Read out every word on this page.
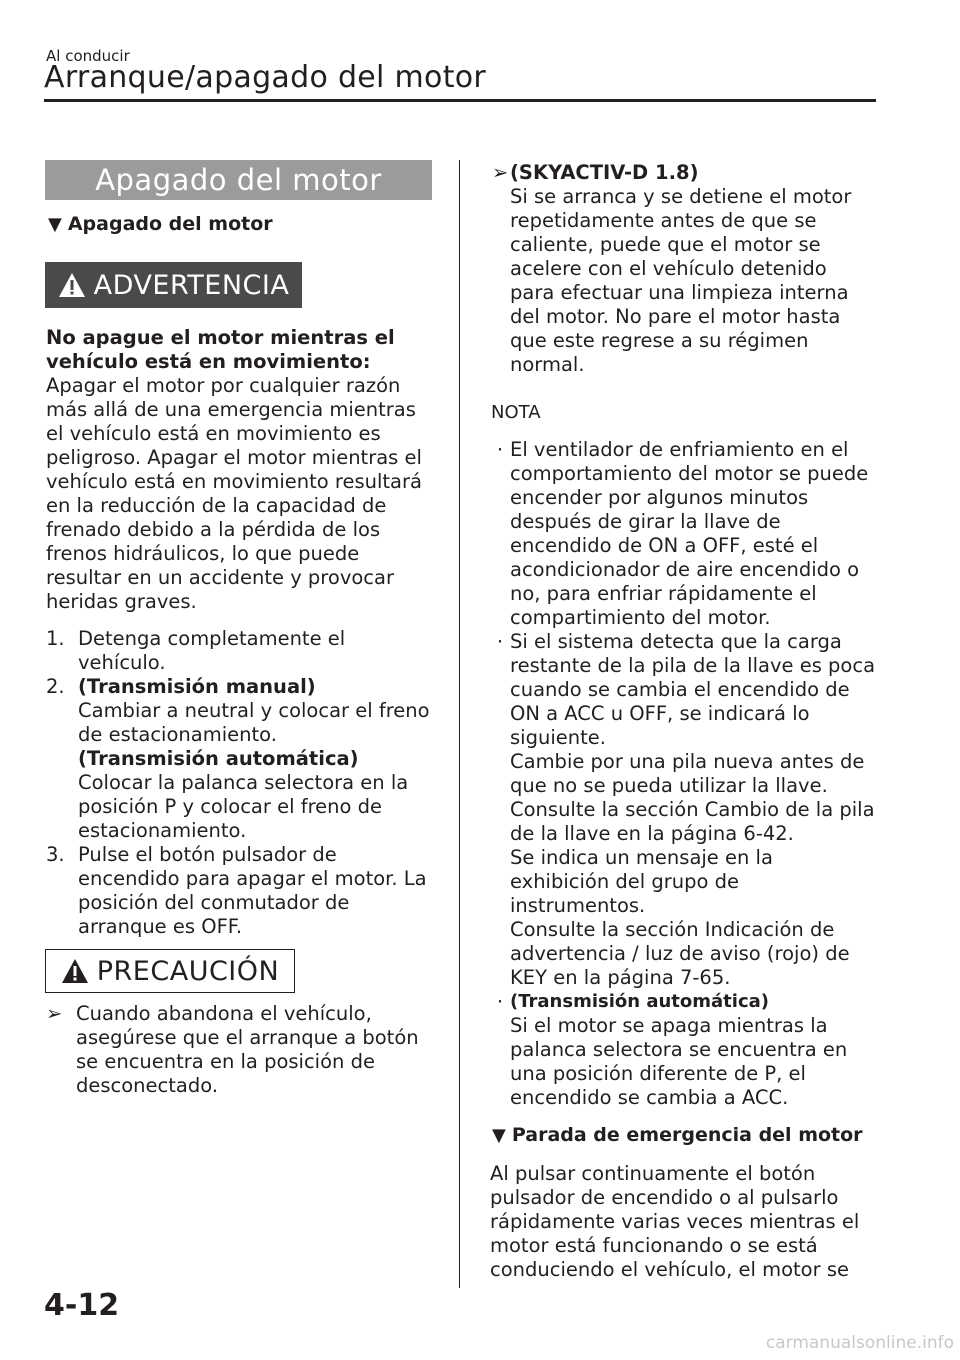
Al conducir
Arranque/apagado del motor
Apagado del motor
▼ Apagado del motor
ADVERTENCIA

No apague el motor mientras el vehículo está en movimiento:

Apagar el motor por cualquier razón más allá de una emergencia mientras el vehículo está en movimiento es peligroso. Apagar el motor mientras el vehículo está en movimiento resultará en la reducción de la capacidad de frenado debido a la pérdida de los frenos hidráulicos, lo que puede resultar en un accidente y provocar heridas graves.

1. Detenga completamente el vehículo.

2. (Transmisión manual)

Cambiar a neutral y colocar el freno de estacionamiento.

(Transmisión automática)

Colocar la palanca selectora en la posición P y colocar el freno de estacionamiento.

3. Pulse el botón pulsador de encendido para apagar el motor. La posición del conmutador de arranque es OFF.

PRECAUCIÓN
➢ Cuando abandona el vehículo, asegúrese que el arranque a botón se encuentra en la posición de desconectado.
➢ (SKYACTIV-D 1.8)

Si se arranca y se detiene el motor repetidamente antes de que se caliente, puede que el motor se acelere con el vehículo detenido para efectuar una limpieza interna del motor. No pare el motor hasta que este regrese a su régimen normal.

NOTA
· El ventilador de enfriamiento en el comportamiento del motor se puede encender por algunos minutos después de girar la llave de encendido de ON a OFF, esté el acondicionador de aire encendido o no, para enfriar rápidamente el compartimiento del motor.
· Si el sistema detecta que la carga restante de la pila de la llave es poca cuando se cambia el encendido de ON a ACC u OFF, se indicará lo siguiente.

Cambie por una pila nueva antes de que no se pueda utilizar la llave.

Consulte la sección Cambio de la pila de la llave en la página 6-42.

Se indica un mensaje en la exhibición del grupo de instrumentos.

Consulte la sección Indicación de advertencia / luz de aviso (rojo) de KEY en la página 7-65.

· (Transmisión automática)

Si el motor se apaga mientras la palanca selectora se encuentra en una posición diferente de P, el encendido se cambia a ACC.

▼ Parada de emergencia del motor
Al pulsar continuamente el botón pulsador de encendido o al pulsarlo rápidamente varias veces mientras el motor está funcionando o se está conduciendo el vehículo, el motor se
4-12
carmanualsonline.info
